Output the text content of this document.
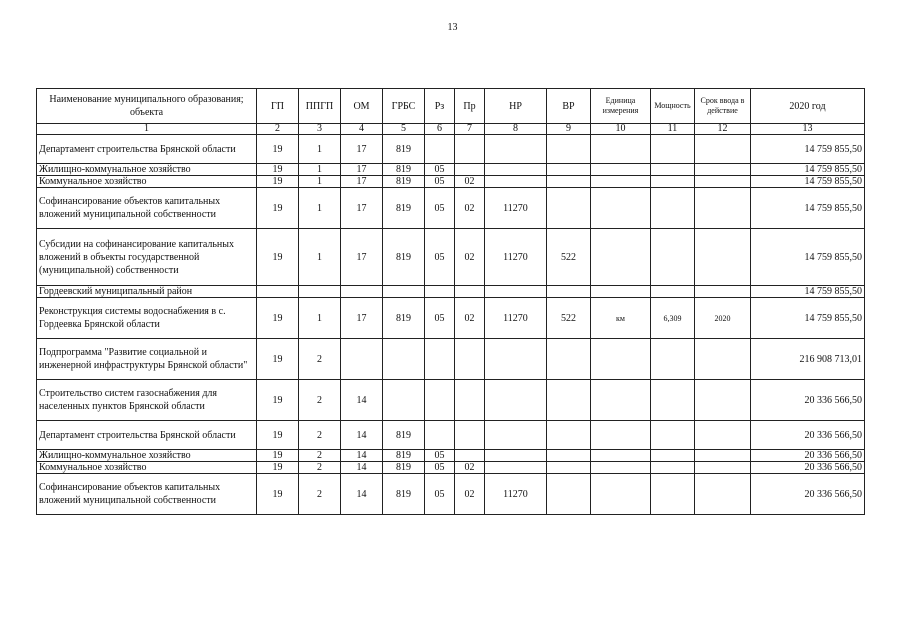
13
Наименование муниципального образования; объекта	ГП	ППГП	ОМ	ГРБС	Рз	Пр	НР	ВР	Единица измерения	Мощность	Срок ввода в действие	2020 год
1	2	3	4	5	6	7	8	9	10	11	12	13
Департамент строительства Брянской области	19	1	17	819								14 759 855,50
Жилищно-коммунальное хозяйство	19	1	17	819	05							14 759 855,50
Коммунальное хозяйство	19	1	17	819	05	02						14 759 855,50
Софинансирование объектов капитальных вложений муниципальной собственности	19	1	17	819	05	02	11270					14 759 855,50
Субсидии на софинансирование капитальных вложений в объекты государственной (муниципальной) собственности	19	1	17	819	05	02	11270	522				14 759 855,50
Гордеевский муниципальный район												14 759 855,50
Реконструкция системы водоснабжения в с. Гордеевка Брянской области	19	1	17	819	05	02	11270	522	км	6,309	2020	14 759 855,50
Подпрограмма "Развитие социальной и инженерной инфраструктуры Брянской области"	19	2										216 908 713,01
Строительство систем газоснабжения для населенных пунктов Брянской области	19	2	14									20 336 566,50
Департамент строительства Брянской области	19	2	14	819								20 336 566,50
Жилищно-коммунальное хозяйство	19	2	14	819	05							20 336 566,50
Коммунальное хозяйство	19	2	14	819	05	02						20 336 566,50
Софинансирование объектов капитальных вложений муниципальной собственности	19	2	14	819	05	02	11270					20 336 566,50
